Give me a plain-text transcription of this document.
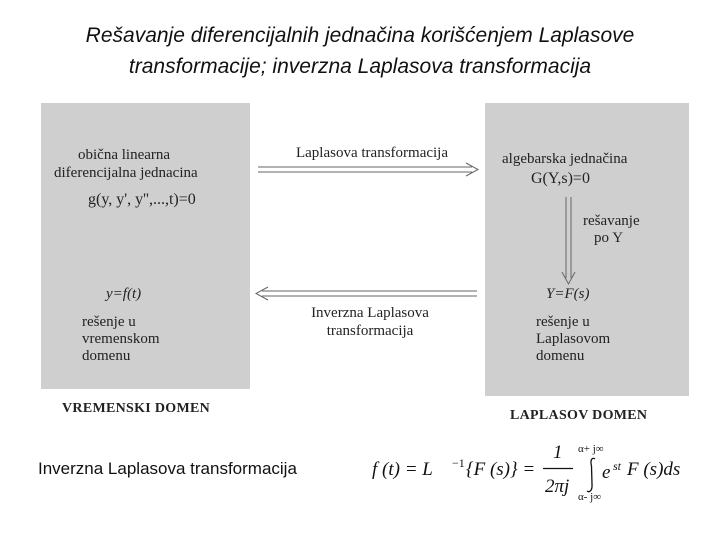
Rešavanje diferencijalnih jednačina korišćenjem Laplasove
transformacije; inverzna Laplasova transformacija
obična linearna
diferencijalna jednacina
g(y, y', y'',...,t)=0
y=f(t)
rešenje u
vremenskom
domenu
VREMENSKI DOMEN
algebarska jednačina
G(Y,s)=0
rešavanje
po Y
Y=F(s)
rešenje u
Laplasovom
domenu
LAPLASOV DOMEN
Laplasova transformacija
Inverzna Laplasova
transformacija
Inverzna Laplasova transformacija	f (t) = L −1 {F (s)} =
1
2πj
α+ j∞
α- j∞
e st F (s)ds
